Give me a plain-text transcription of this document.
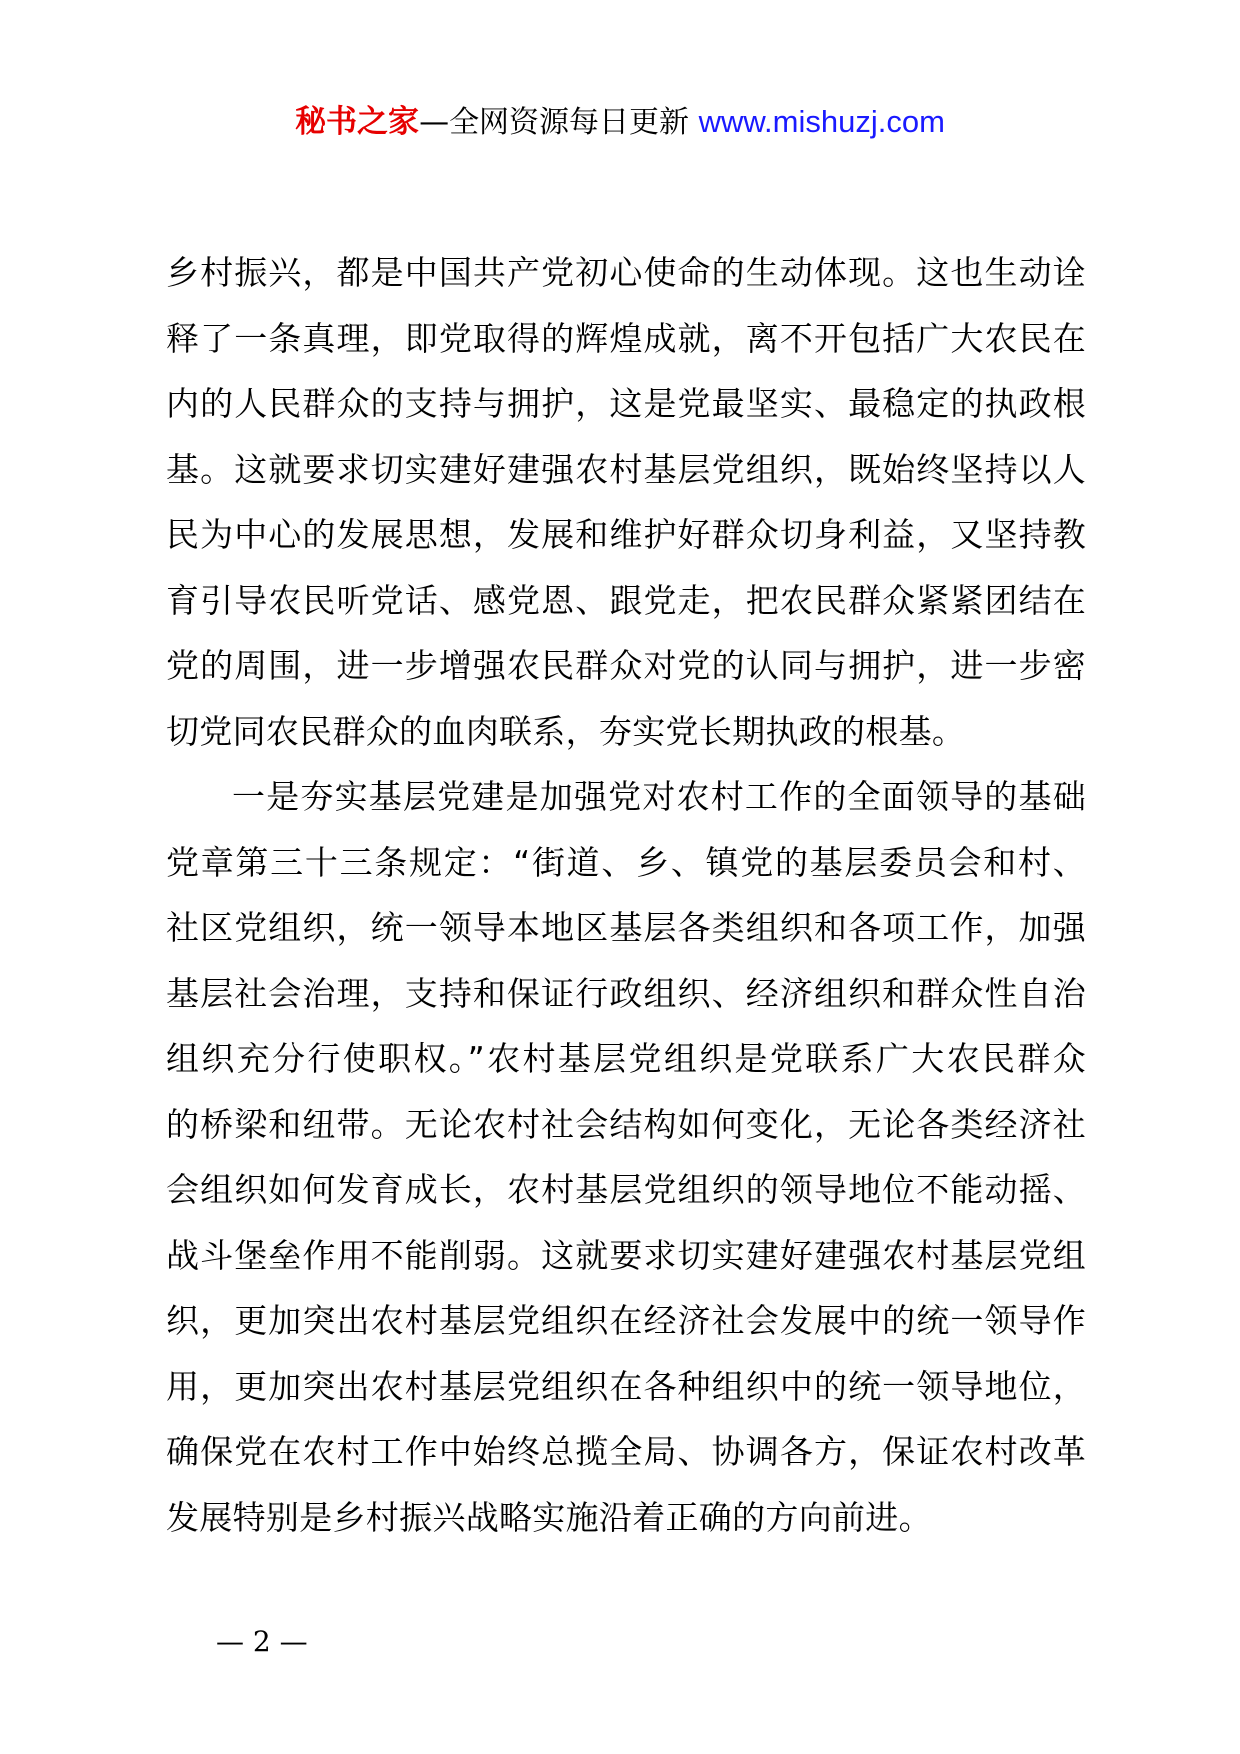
秘书之家—全网资源每日更新 www.mishuzj.com
乡村振兴，都是中国共产党初心使命的生动体现。这也生动诠
释了一条真理，即党取得的辉煌成就，离不开包括广大农民在
内的人民群众的支持与拥护，这是党最坚实、最稳定的执政根
基。这就要求切实建好建强农村基层党组织，既始终坚持以人
民为中心的发展思想，发展和维护好群众切身利益，又坚持教
育引导农民听党话、感党恩、跟党走，把农民群众紧紧团结在
党的周围，进一步增强农民群众对党的认同与拥护，进一步密
切党同农民群众的血肉联系，夯实党长期执政的根基。
一是夯实基层党建是加强党对农村工作的全面领导的基础
党章第三十三条规定：“街道、乡、镇党的基层委员会和村、
社区党组织，统一领导本地区基层各类组织和各项工作，加强
基层社会治理，支持和保证行政组织、经济组织和群众性自治
组织充分行使职权。”农村基层党组织是党联系广大农民群众
的桥梁和纽带。无论农村社会结构如何变化，无论各类经济社
会组织如何发育成长，农村基层党组织的领导地位不能动摇、
战斗堡垒作用不能削弱。这就要求切实建好建强农村基层党组
织，更加突出农村基层党组织在经济社会发展中的统一领导作
用，更加突出农村基层党组织在各种组织中的统一领导地位，
确保党在农村工作中始终总揽全局、协调各方，保证农村改革
发展特别是乡村振兴战略实施沿着正确的方向前进。
— 2 —
